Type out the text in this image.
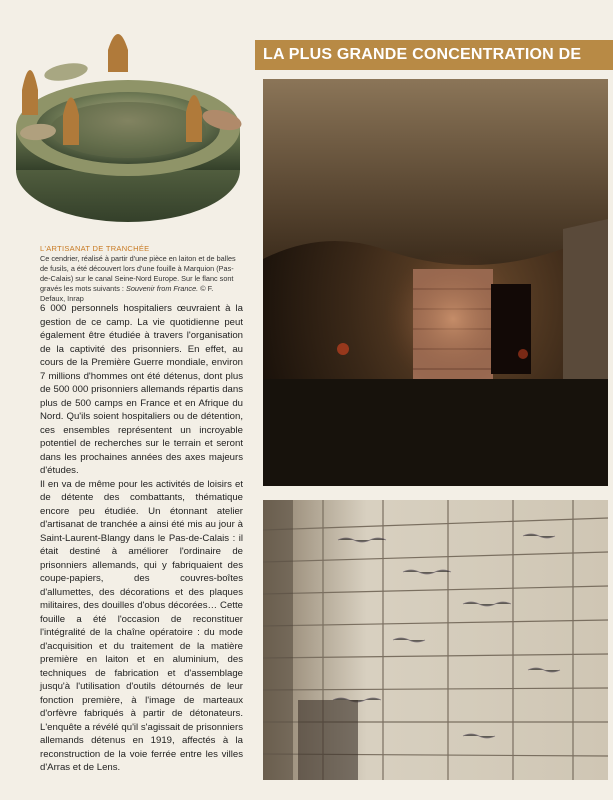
L'ARTISANAT DE TRANCHÉE
Ce cendrier, réalisé à partir d'une pièce en laiton et de balles de fusils, a été découvert lors d'une fouille à Marquion (Pas-de-Calais) sur le canal Seine-Nord Europe. Sur le flanc sont gravés les mots suivants : Souvenir from France. © F. Defaux, Inrap

6 000 personnels hospitaliers œuvraient à la gestion de ce camp. La vie quotidienne peut également être étudiée à travers l'organisation de la captivité des prisonniers. En effet, au cours de la Première Guerre mondiale, environ 7 millions d'hommes ont été détenus, dont plus de 500 000 prisonniers allemands répartis dans plus de 500 camps en France et en Afrique du Nord. Qu'ils soient hospitaliers ou de détention, ces ensembles représentent un incroyable potentiel de recherches sur le terrain et seront dans les prochaines années des axes majeurs d'études.

Il en va de même pour les activités de loisirs et de détente des combattants, thématique encore peu étudiée. Un étonnant atelier d'artisanat de tranchée a ainsi été mis au jour à Saint-Laurent-Blangy dans le Pas-de-Calais : il était destiné à améliorer l'ordinaire de prisonniers allemands, qui y fabriquaient des coupe-papiers, des couvres-boîtes d'allumettes, des décorations et des plaques militaires, des douilles d'obus décorées… Cette fouille a été l'occasion de reconstituer l'intégralité de la chaîne opératoire : du mode d'acquisition et du traitement de la matière première en laiton et en aluminium, des techniques de fabrication et d'assemblage jusqu'à l'utilisation d'outils détournés de leur fonction première, à l'image de marteaux d'orfèvre fabriqués à partir de détonateurs. L'enquête a révélé qu'il s'agissait de prisonniers allemands détenus en 1919, affectés à la reconstruction de la voie ferrée entre les villes d'Arras et de Lens.

LA PLUS GRANDE CONCENTRATION DE
